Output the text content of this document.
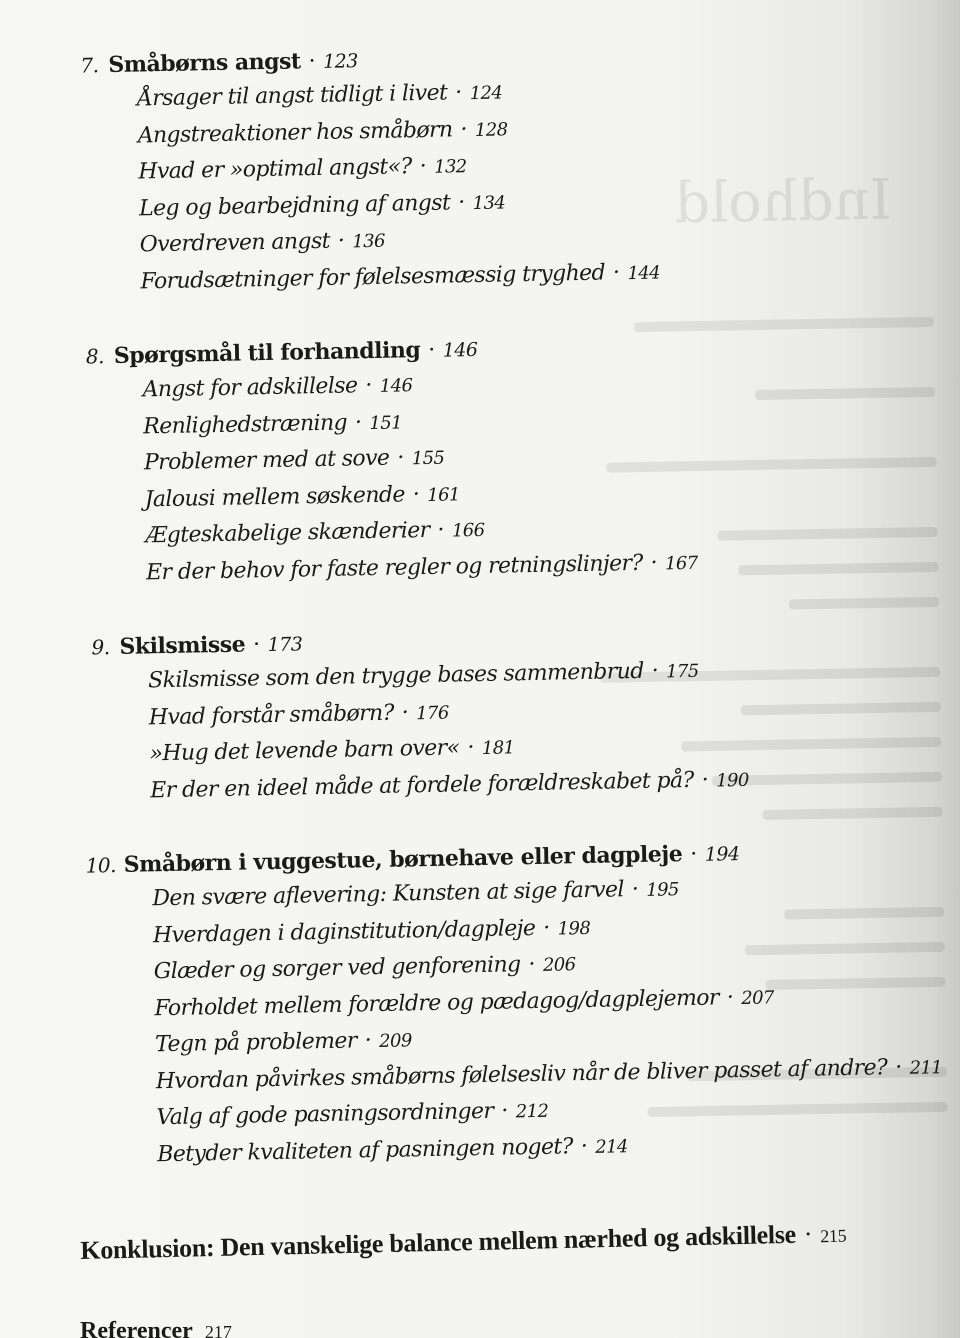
Indhold
7. Småbørns angst · 123
Årsager til angst tidligt i livet · 124
Angstreaktioner hos småbørn · 128
Hvad er »optimal angst«? · 132
Leg og bearbejdning af angst · 134
Overdreven angst · 136
Forudsætninger for følelsesmæssig tryghed · 144
8. Spørgsmål til forhandling · 146
Angst for adskillelse · 146
Renlighedstræning · 151
Problemer med at sove · 155
Jalousi mellem søskende · 161
Ægteskabelige skænderier · 166
Er der behov for faste regler og retningslinjer? · 167
9. Skilsmisse · 173
Skilsmisse som den trygge bases sammenbrud · 175
Hvad forstår småbørn? · 176
»Hug det levende barn over« · 181
Er der en ideel måde at fordele forældreskabet på? · 190
10. Småbørn i vuggestue, børnehave eller dagpleje · 194
Den svære aflevering: Kunsten at sige farvel · 195
Hverdagen i daginstitution/dagpleje · 198
Glæder og sorger ved genforening · 206
Forholdet mellem forældre og pædagog/dagplejemor · 207
Tegn på problemer · 209
Hvordan påvirkes småbørns følelsesliv når de bliver passet af andre? · 211
Valg af gode pasningsordninger · 212
Betyder kvaliteten af pasningen noget? · 214
Konklusion: Den vanskelige balance mellem nærhed og adskillelse · 215
Referencer 217
